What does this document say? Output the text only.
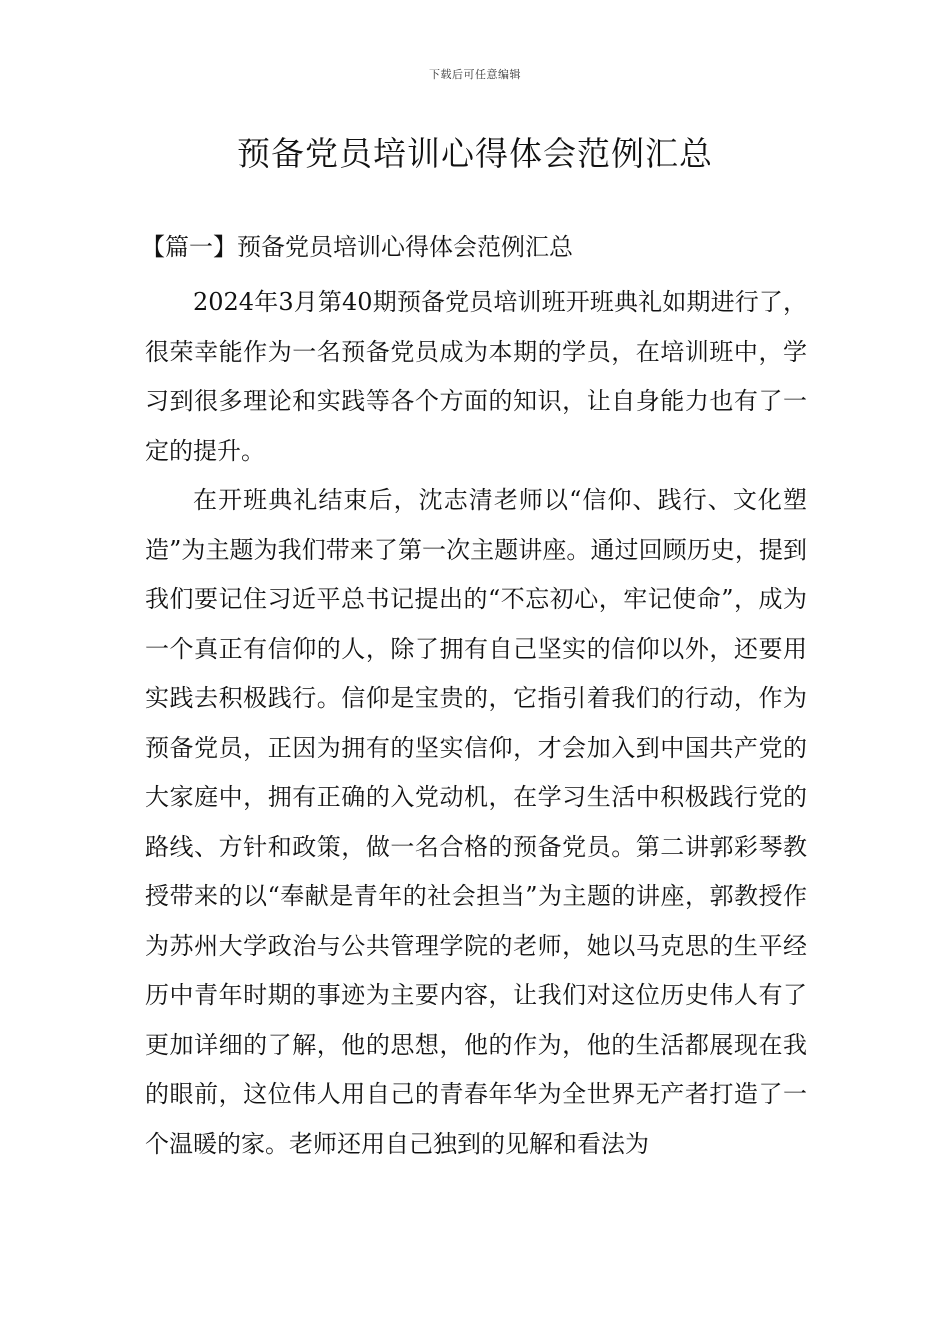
下载后可任意编辑
预备党员培训心得体会范例汇总
【篇一】预备党员培训心得体会范例汇总

2024年3月第40期预备党员培训班开班典礼如期进行了，很荣幸能作为一名预备党员成为本期的学员，在培训班中，学习到很多理论和实践等各个方面的知识，让自身能力也有了一定的提升。

在开班典礼结束后，沈志清老师以“信仰、践行、文化塑造”为主题为我们带来了第一次主题讲座。通过回顾历史，提到我们要记住习近平总书记提出的“不忘初心，牢记使命”，成为一个真正有信仰的人，除了拥有自己坚实的信仰以外，还要用实践去积极践行。信仰是宝贵的，它指引着我们的行动，作为预备党员，正因为拥有的坚实信仰，才会加入到中国共产党的大家庭中，拥有正确的入党动机，在学习生活中积极践行党的路线、方针和政策，做一名合格的预备党员。第二讲郭彩琴教授带来的以“奉献是青年的社会担当”为主题的讲座，郭教授作为苏州大学政治与公共管理学院的老师，她以马克思的生平经历中青年时期的事迹为主要内容，让我们对这位历史伟人有了更加详细的了解，他的思想，他的作为，他的生活都展现在我的眼前，这位伟人用自己的青春年华为全世界无产者打造了一个温暖的家。老师还用自己独到的见解和看法为
